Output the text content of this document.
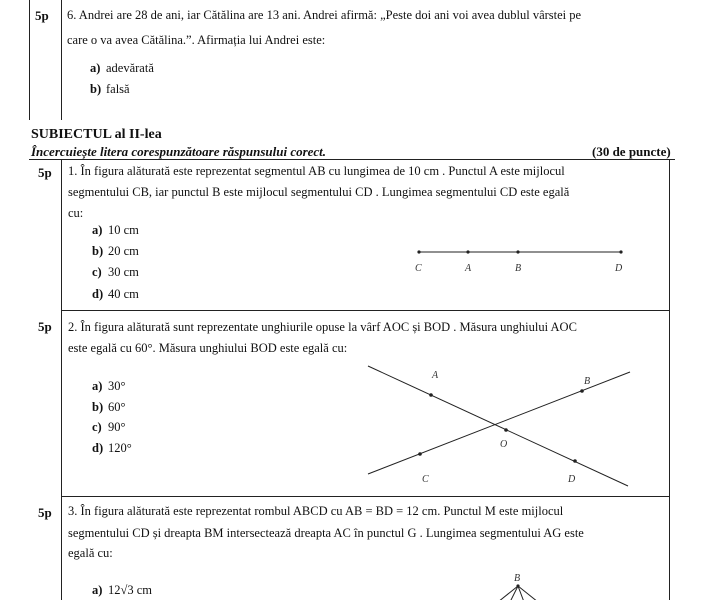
5p 6. Andrei are 28 de ani, iar Cătălina are 13 ani. Andrei afirmă: „Peste doi ani voi avea dublul vârstei pe
care o va avea Cătălina.”. Afirmația lui Andrei este:
a) adevărată
b) falsă
SUBIECTUL al II-lea
Încercuiește litera corespunzătoare răspunsului corect.	(30 de puncte)
5p 1. În figura alăturată este reprezentat segmentul AB cu lungimea de 10 cm . Punctul A este mijlocul
segmentului CB, iar punctul B este mijlocul segmentului CD . Lungimea segmentului CD este egală
cu:
a) 10 cm
b) 20 cm
c) 30 cm
d) 40 cm
C	A	B	D
5p 2. În figura alăturată sunt reprezentate unghiurile opuse la vârf AOC și BOD . Măsura unghiului AOC
este egală cu 60°. Măsura unghiului BOD este egală cu:
a) 30°
b) 60°
c) 90°
d) 120°
A
B
O
C	D
5p 3. În figura alăturată este reprezentat rombul ABCD cu AB = BD = 12 cm. Punctul M este mijlocul
segmentului CD și dreapta BM intersectează dreapta AC în punctul G . Lungimea segmentului AG este
egală cu:
a) 12√3 cm
B
